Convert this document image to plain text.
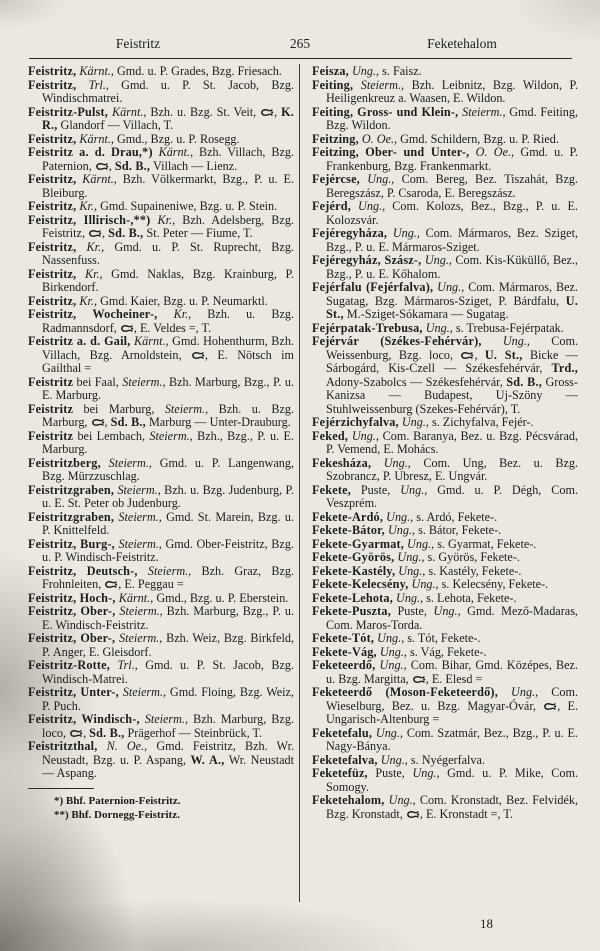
Feistritz	265	Feketehalom

Feistritz, Kärnt., Gmd. u. P. Grades, Bzg. Friesach.

Feistritz, Trl., Gmd. u. P. St. Jacob, Bzg. Windischmatrei.

Feistritz-Pulst, Kärnt., Bzh. u. Bzg. St. Veit,
, K. R., Glandorf — Villach, T.

Feistritz, Kärnt., Gmd., Bzg. u. P. Rosegg.

Feistritz a. d. Drau,*) Kärnt., Bzh. Villach, Bzg. Paternion,
, Sd. B., Villach — Lienz.

Feistritz, Kärnt., Bzh. Völkermarkt, Bzg., P. u. E. Bleiburg.

Feistritz, Kr., Gmd. Supaineniwe, Bzg. u. P. Stein.

Feistritz, Illirisch-,**) Kr., Bzh. Adelsberg, Bzg. Feistritz,
, Sd. B., St. Peter — Fiume, T.

Feistritz, Kr., Gmd. u. P. St. Ruprecht, Bzg. Nassenfuss.

Feistritz, Kr., Gmd. Naklas, Bzg. Krainburg, P. Birkendorf.

Feistritz, Kr., Gmd. Kaier, Bzg. u. P. Neumarktl.

Feistritz, Wocheiner-, Kr., Bzh. u. Bzg. Radmannsdorf,
, E. Veldes =, T.

Feistritz a. d. Gail, Kärnt., Gmd. Hohenthurm, Bzh. Villach, Bzg. Arnoldstein,
, E. Nötsch im Gailthal =

Feistritz bei Faal, Steierm., Bzh. Marburg, Bzg., P. u. E. Marburg.

Feistritz bei Marburg, Steierm., Bzh. u. Bzg. Marburg,
, Sd. B., Marburg — Unter-Drauburg.

Feistritz bei Lembach, Steierm., Bzh., Bzg., P. u. E. Marburg.

Feistritzberg, Steierm., Gmd. u. P. Langenwang, Bzg. Mürzzuschlag.

Feistritzgraben, Steierm., Bzh. u. Bzg. Judenburg, P. u. E. St. Peter ob Judenburg.

Feistritzgraben, Steierm., Gmd. St. Marein, Bzg. u. P. Knittelfeld.

Feistritz, Burg-, Steierm., Gmd. Ober-Feistritz, Bzg. u. P. Windisch-Feistritz.

Feistritz, Deutsch-, Steierm., Bzh. Graz, Bzg. Frohnleiten,
, E. Peggau =

Feistritz, Hoch-, Kärnt., Gmd., Bzg. u. P. Eberstein.

Feistritz, Ober-, Steierm., Bzh. Marburg, Bzg., P. u. E. Windisch-Feistritz.

Feistritz, Ober-, Steierm., Bzh. Weiz, Bzg. Birkfeld, P. Anger, E. Gleisdorf.

Feistritz-Rotte, Trl., Gmd. u. P. St. Jacob, Bzg. Windisch-Matrei.

Feistritz, Unter-, Steierm., Gmd. Floing, Bzg. Weiz, P. Puch.

Feistritz, Windisch-, Steierm., Bzh. Marburg, Bzg. loco,
, Sd. B., Prägerhof — Steinbrück, T.

Feistritzthal, N. Oe., Gmd. Feistritz, Bzh. Wr. Neustadt, Bzg. u. P. Aspang, W. A., Wr. Neustadt — Aspang.

*) Bhf. Paternion-Feistritz.

**) Bhf. Dornegg-Feistritz.

Feisza, Ung., s. Faisz.

Feiting, Steierm., Bzh. Leibnitz, Bzg. Wildon, P. Heiligenkreuz a. Waasen, E. Wildon.

Feiting, Gross- und Klein-, Steierm., Gmd. Feiting, Bzg. Wildon.

Feitzing, O. Oe., Gmd. Schildern, Bzg. u. P. Ried.

Feitzing, Ober- und Unter-, O. Oe., Gmd. u. P. Frankenburg, Bzg. Frankenmarkt.

Fejércse, Ung., Com. Bereg, Bez. Tiszahát, Bzg. Beregszász, P. Csaroda, E. Beregszász.

Fejérd, Ung., Com. Kolozs, Bez., Bzg., P. u. E. Kolozsvár.

Fejéregyháza, Ung., Com. Mármaros, Bez. Sziget, Bzg., P. u. E. Mármaros-Sziget.

Fejéregyház, Szász-, Ung., Com. Kis-Küküllő, Bez., Bzg., P. u. E. Kőhalom.

Fejérfalu (Fejérfalva), Ung., Com. Mármaros, Bez. Sugatag, Bzg. Mármaros-Sziget, P. Bárdfalu, U. St., M.-Sziget-Sókamara — Sugatag.

Fejérpatak-Trebusa, Ung., s. Trebusa-Fejérpatak.

Fejérvár (Székes-Fehérvár), Ung., Com. Weissenburg, Bzg. loco,
, U. St., Bicke — Sárbogárd, Kis-Czell — Székesfehérvár, Trd., Adony-Szabolcs — Székesfehérvár, Sd. B., Gross-Kanizsa — Budapest, Uj-Szöny — Stuhlweissenburg (Szekes-Fehérvár), T.

Fejérzichyfalva, Ung., s. Zichyfalva, Fejér-.

Feked, Ung., Com. Baranya, Bez. u. Bzg. Pécsvárad, P. Vemend, E. Mohács.

Fekesháza, Ung., Com. Ung, Bez. u. Bzg. Szobrancz, P. Ubresz, E. Ungvár.

Fekete, Puste, Ung., Gmd. u. P. Dégh, Com. Veszprém.

Fekete-Ardó, Ung., s. Ardó, Fekete-.

Fekete-Bátor, Ung., s. Bátor, Fekete-.

Fekete-Gyarmat, Ung., s. Gyarmat, Fekete-.

Fekete-Györös, Ung., s. Györös, Fekete-.

Fekete-Kastély, Ung., s. Kastély, Fekete-.

Fekete-Kelecsény, Ung., s. Kelecsény, Fekete-.

Fekete-Lehota, Ung., s. Lehota, Fekete-.

Fekete-Puszta, Puste, Ung., Gmd. Mező-Madaras, Com. Maros-Torda.

Fekete-Tót, Ung., s. Tót, Fekete-.

Fekete-Vág, Ung., s. Vág, Fekete-.

Feketeerdő, Ung., Com. Bihar, Gmd. Középes, Bez. u. Bzg. Margitta,
, E. Elesd =

Feketeerdő (Moson-Feketeerdő), Ung., Com. Wieselburg, Bez. u. Bzg. Magyar-Óvár,
, E. Ungarisch-Altenburg =

Feketefalu, Ung., Com. Szatmár, Bez., Bzg., P. u. E. Nagy-Bánya.

Feketefalva, Ung., s. Nyégerfalva.

Feketefüz, Puste, Ung., Gmd. u. P. Mike, Com. Somogy.

Feketehalom, Ung., Com. Kronstadt, Bez. Felvidék, Bzg. Kronstadt,
, E. Kronstadt =, T.

18
